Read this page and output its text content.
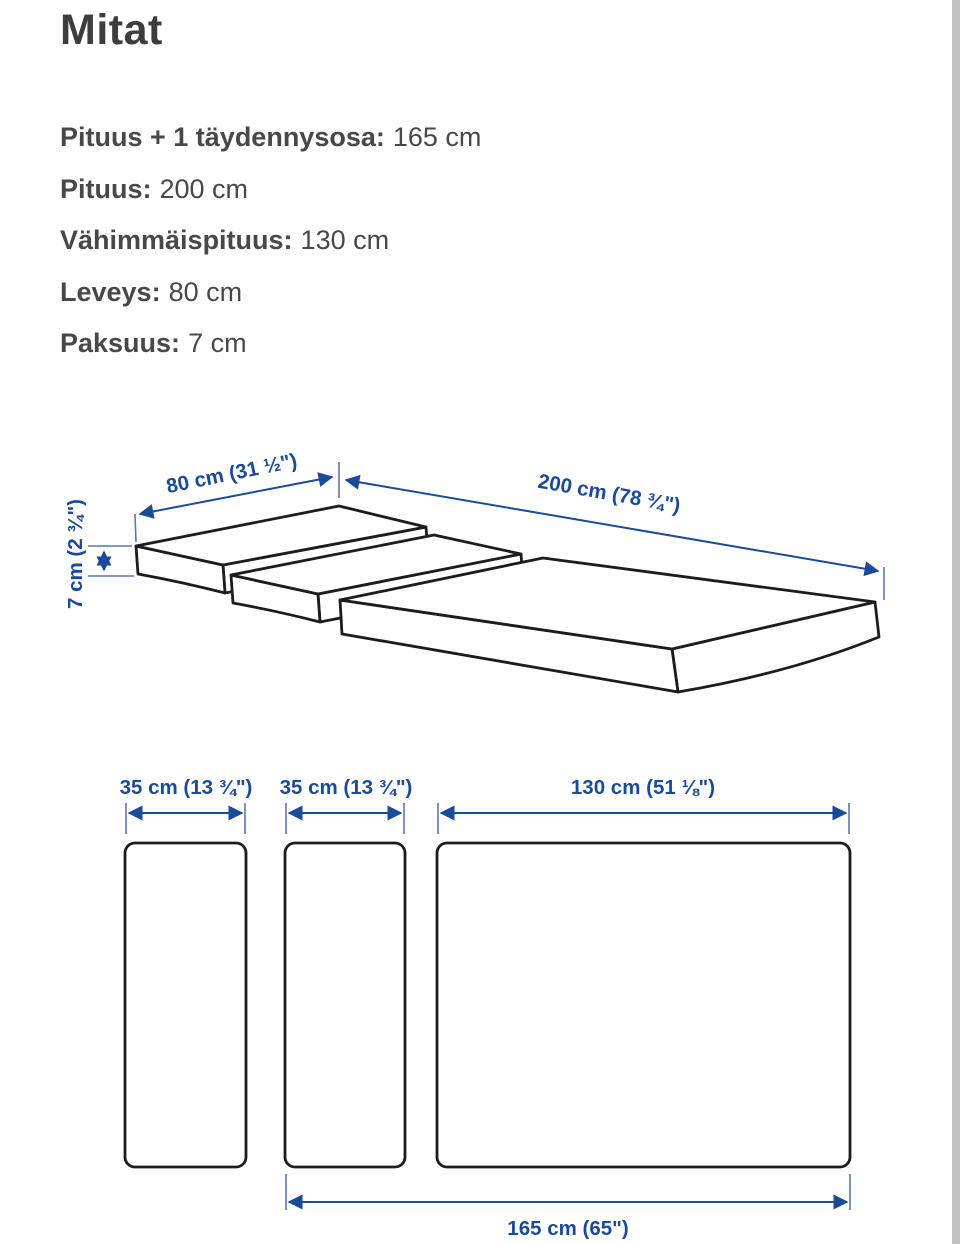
Mitat
Pituus + 1 täydennysosa: 165 cm
Pituus: 200 cm
Vähimmäispituus: 130 cm
Leveys: 80 cm
Paksuus: 7 cm
80 cm (31 ½")	200 cm (78 ¾")
7 cm (2 ¾")
35 cm (13 ¾") 35 cm (13 ¾")	130 cm (51 ⅛")
165 cm (65")
